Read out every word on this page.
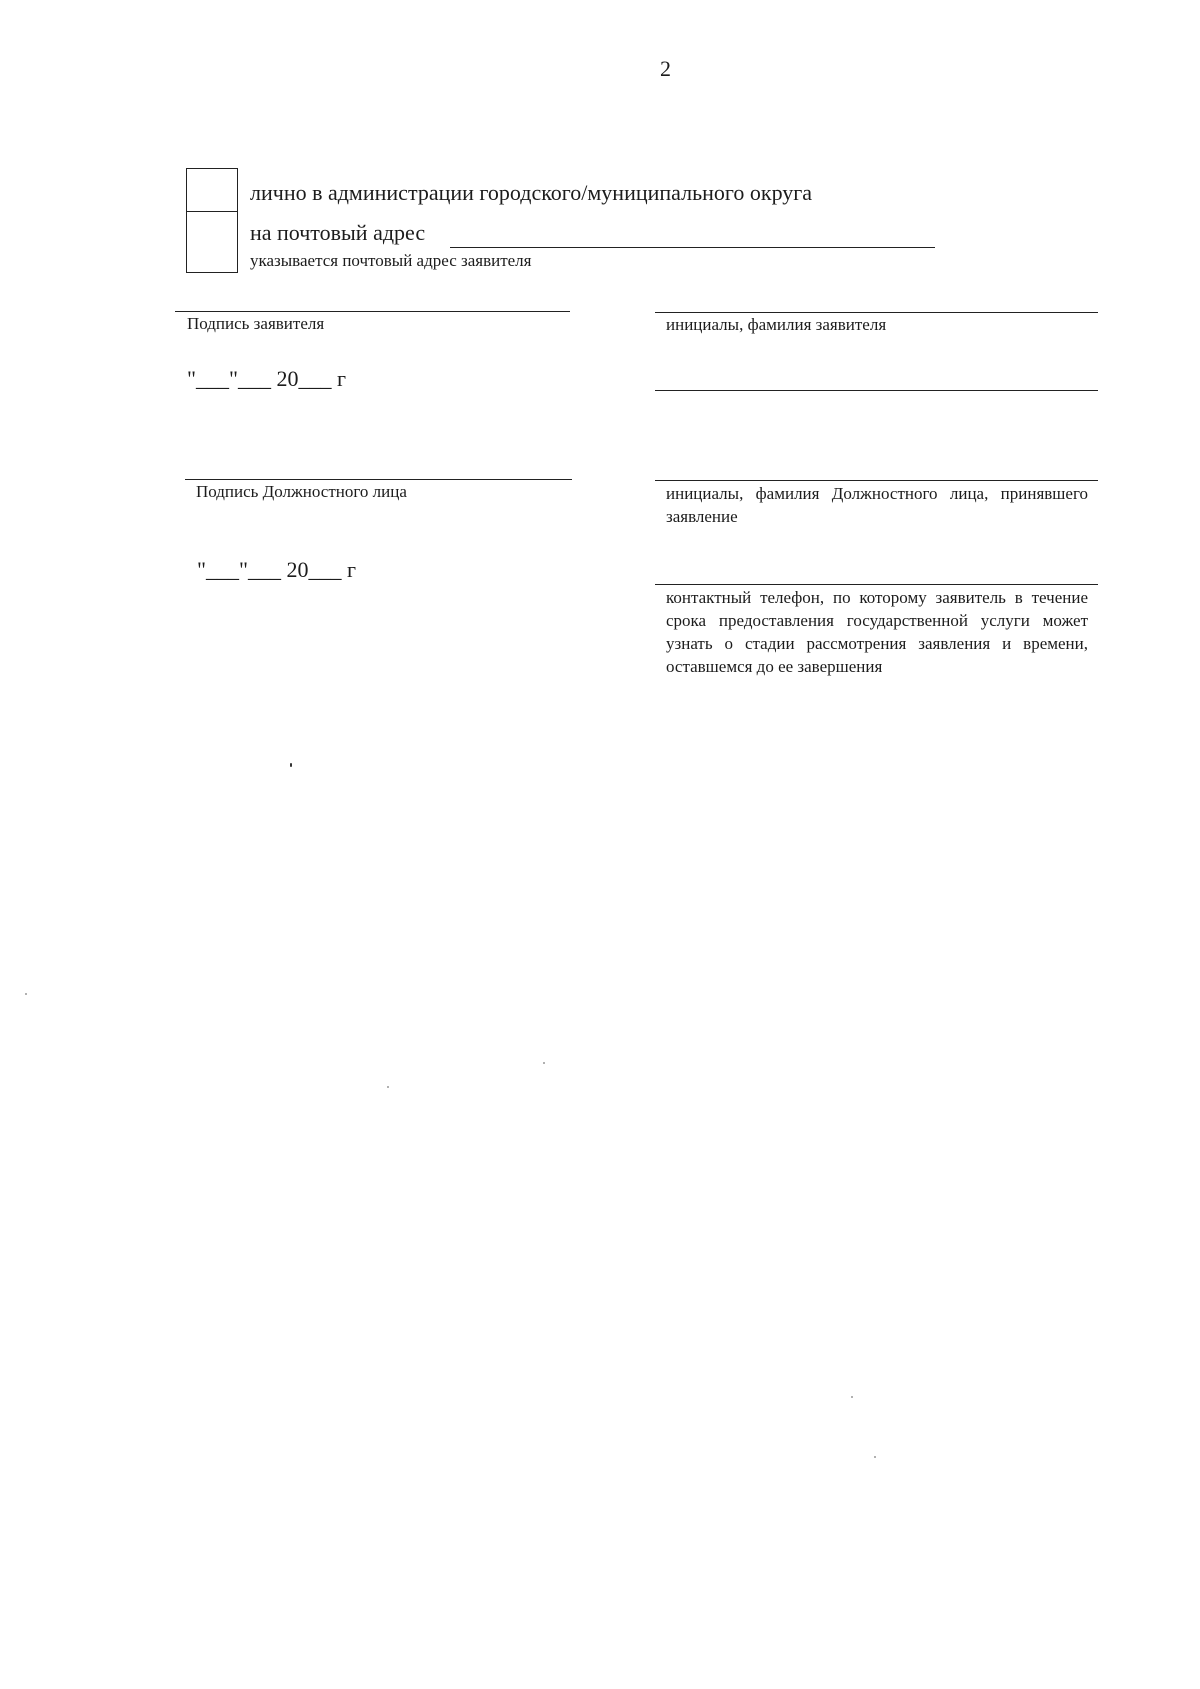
2
лично в администрации городского/муниципального округа
на почтовый адрес
указывается почтовый адрес заявителя
Подпись заявителя	инициалы, фамилия заявителя
"___"___ 20___ г
Подпись Должностного лица	инициалы, фамилия Должностного лица, принявшего заявление
"___"___ 20___ г
контактный телефон, по которому заявитель в течение срока предоставления государственной услуги может узнать о стадии рассмотрения заявления и времени, оставшемся до ее завершения
